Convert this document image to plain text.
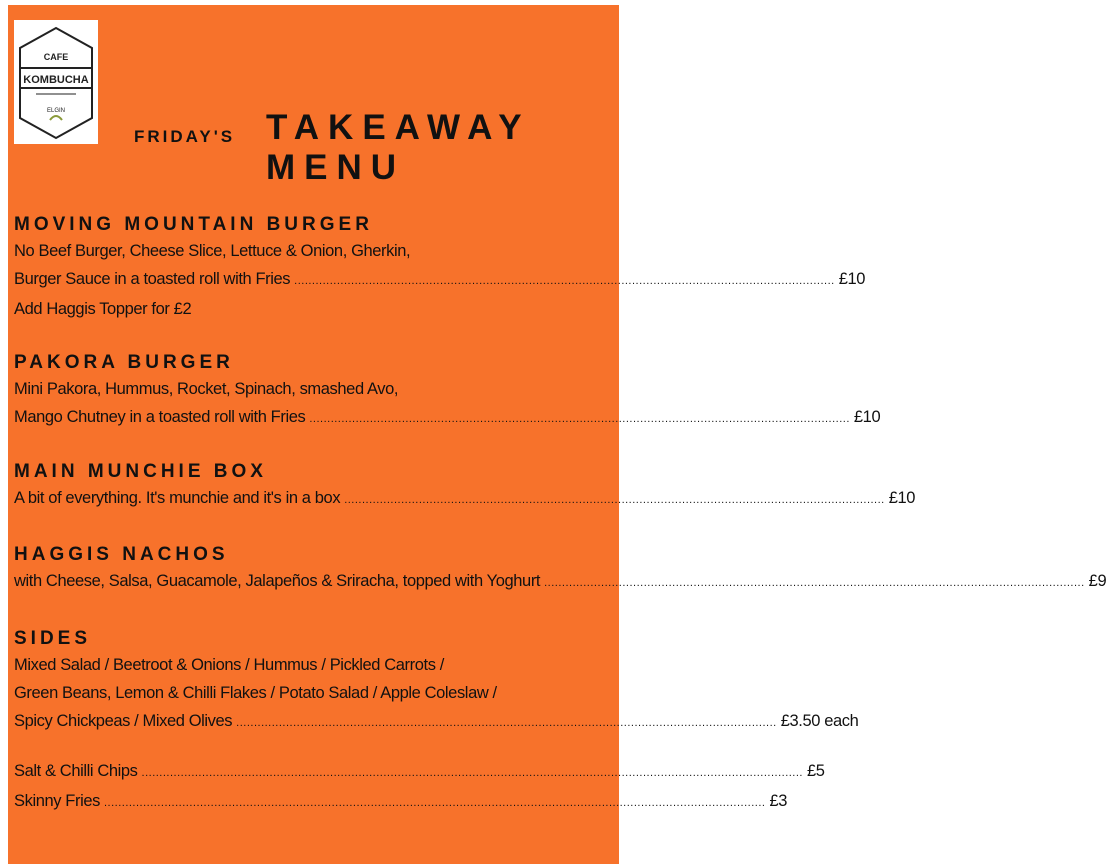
CAFE
KOMBUCHA
ELGIN
FRIDAY'S TAKEAWAY MENU
MOVING MOUNTAIN BURGER
No Beef Burger, Cheese Slice, Lettuce & Onion, Gherkin,
Burger Sauce in a toasted roll with Fries ........................................................................................................................................................ £10
Add Haggis Topper for £2
PAKORA BURGER
Mini Pakora, Hummus, Rocket, Spinach, smashed Avo,
Mango Chutney in a toasted roll with Fries ........................................................................................................................................................ £10
MAIN MUNCHIE BOX
A bit of everything. It's munchie and it's in a box ........................................................................................................................................................ £10
HAGGIS NACHOS
with Cheese, Salsa, Guacamole, Jalapeños & Sriracha, topped with Yoghurt ........................................................................................................................................................ £9
SIDES
Mixed Salad / Beetroot & Onions / Hummus / Pickled Carrots /
Green Beans, Lemon & Chilli Flakes / Potato Salad / Apple Coleslaw /
Spicy Chickpeas / Mixed Olives ........................................................................................................................................................ £3.50 each
Salt & Chilli Chips .......................................................................................................................................................................................... £5
Skinny Fries .......................................................................................................................................................................................... £3
